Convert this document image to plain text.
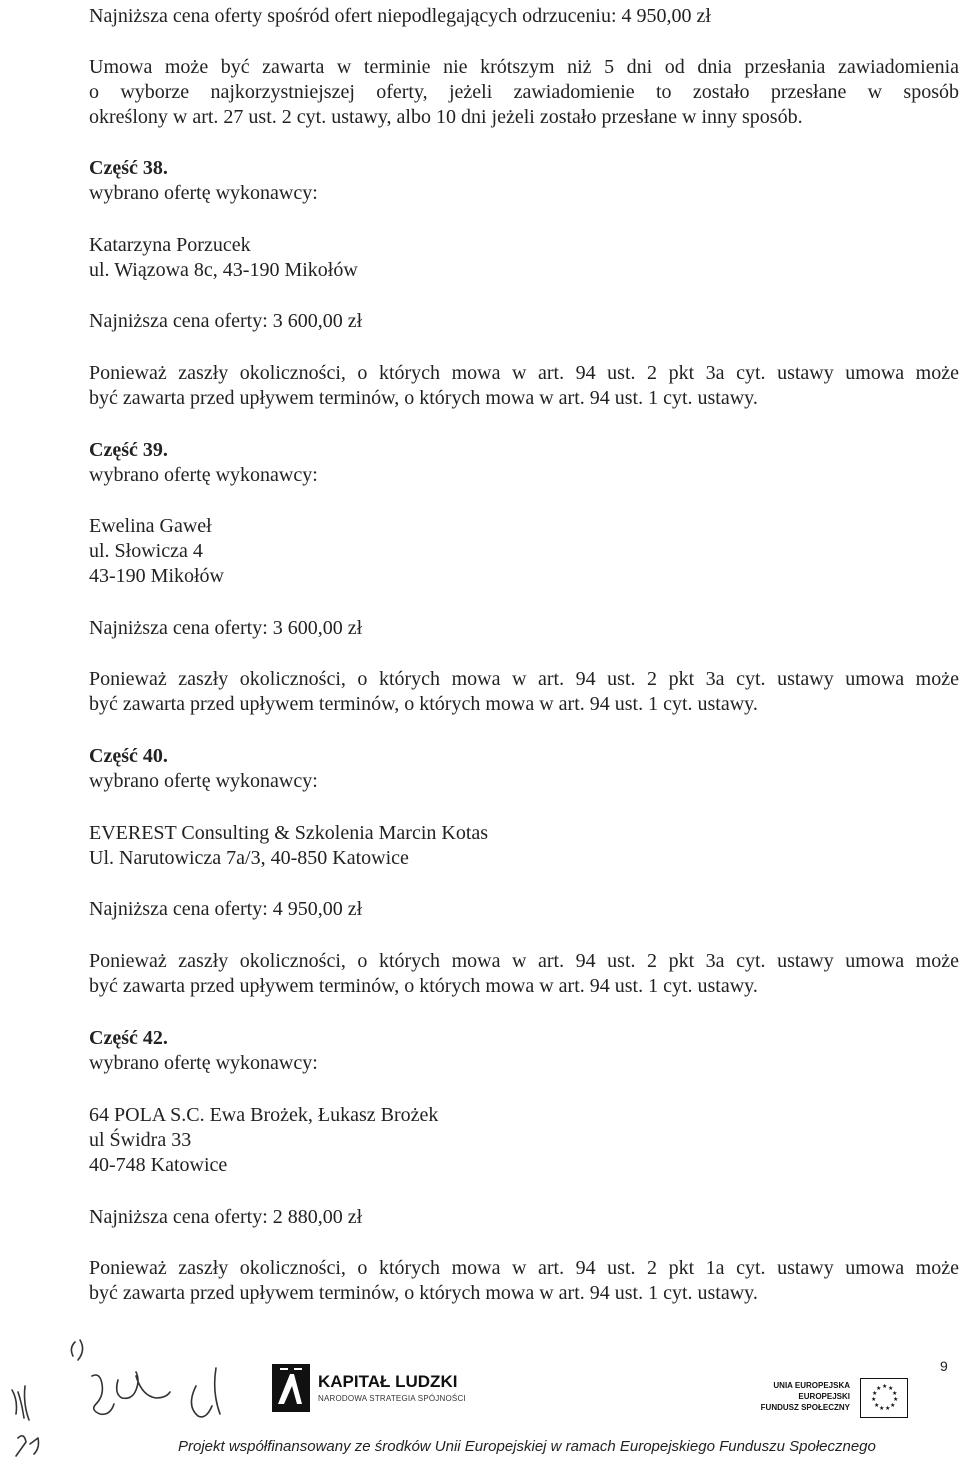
Najniższa cena oferty spośród ofert niepodlegających odrzuceniu: 4 950,00 zł
Umowa może być zawarta w terminie nie krótszym niż 5 dni od dnia przesłania zawiadomienia
o wyborze najkorzystniejszej oferty, jeżeli zawiadomienie to zostało przesłane w sposób
określony w art. 27 ust. 2 cyt. ustawy, albo 10 dni jeżeli zostało przesłane w inny sposób.
Część 38.
wybrano ofertę wykonawcy:
Katarzyna Porzucek
ul. Wiązowa 8c, 43-190 Mikołów
Najniższa cena oferty: 3 600,00 zł
Ponieważ zaszły okoliczności, o których mowa w art. 94 ust. 2 pkt 3a cyt. ustawy umowa może
być zawarta przed upływem terminów, o których mowa w art. 94 ust. 1 cyt. ustawy.
Część 39.
wybrano ofertę wykonawcy:
Ewelina Gaweł
ul. Słowicza 4
43-190 Mikołów
Najniższa cena oferty: 3 600,00 zł
Ponieważ zaszły okoliczności, o których mowa w art. 94 ust. 2 pkt 3a cyt. ustawy umowa może
być zawarta przed upływem terminów, o których mowa w art. 94 ust. 1 cyt. ustawy.
Część 40.
wybrano ofertę wykonawcy:
EVEREST Consulting & Szkolenia Marcin Kotas
Ul. Narutowicza 7a/3, 40-850 Katowice
Najniższa cena oferty: 4 950,00 zł
Ponieważ zaszły okoliczności, o których mowa w art. 94 ust. 2 pkt 3a cyt. ustawy umowa może
być zawarta przed upływem terminów, o których mowa w art. 94 ust. 1 cyt. ustawy.
Część 42.
wybrano ofertę wykonawcy:
64 POLA S.C. Ewa Brożek, Łukasz Brożek
ul Świdra 33
40-748 Katowice
Najniższa cena oferty: 2 880,00 zł
Ponieważ zaszły okoliczności, o których mowa w art. 94 ust. 2 pkt 1a cyt. ustawy umowa może
być zawarta przed upływem terminów, o których mowa w art. 94 ust. 1 cyt. ustawy.
KAPITAŁ LUDZKI
NARODOWA STRATEGIA SPÓJNOŚCI
UNIA EUROPEJSKA
EUROPEJSKI
FUNDUSZ SPOŁECZNY
★ ★
★
★
★
★
★
★
★
★
★
9
Projekt współfinansowany ze środków Unii Europejskiej w ramach Europejskiego Funduszu Społecznego
